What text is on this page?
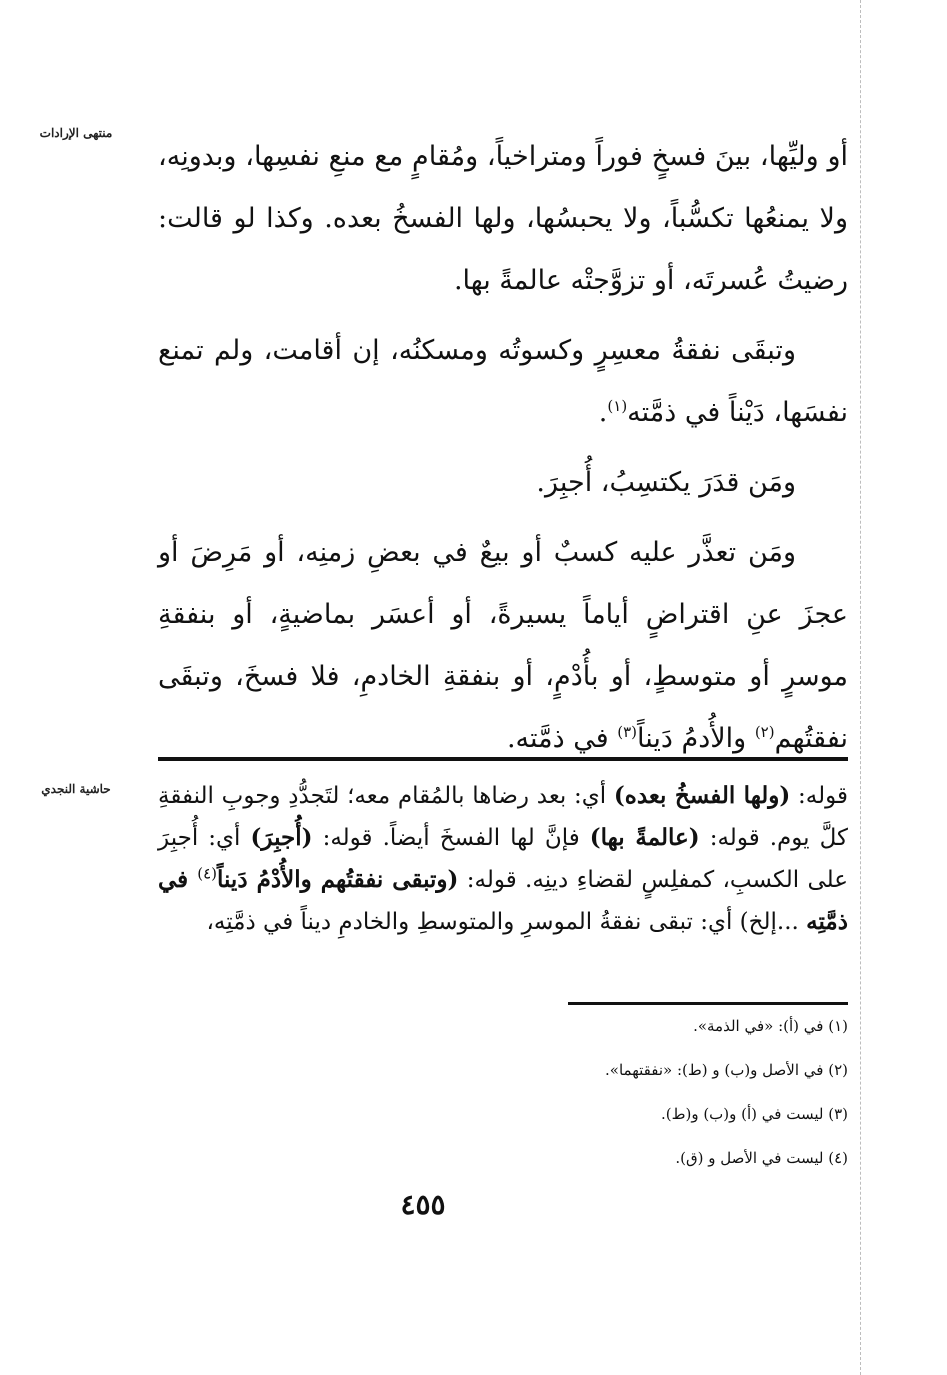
منتهى الإرادات
حاشية النجدي

أو وليِّها، بينَ فسخٍ فوراً ومتراخياً، ومُقامٍ مع منعِ نفسِها، وبدونِه، ولا يمنعُها تكسُّباً، ولا يحبسُها، ولها الفسخُ بعده. وكذا لو قالت: رضيتُ عُسرتَه، أو تزوَّجتْه عالمةً بها.

وتبقَى نفقةُ معسِرٍ وكسوتُه ومسكنُه، إن أقامت، ولم تمنع نفسَها، دَيْناً في ذمَّته$^{(١)}$.

ومَن قدَرَ يكتسِبُ، أُجبِرَ.

ومَن تعذَّر عليه كسبٌ أو بيعٌ في بعضِ زمنِه، أو مَرِضَ أو عجزَ عنِ اقتراضٍ أياماً يسيرةً، أو أعسَر بماضيةٍ، أو بنفقةِ موسرٍ أو متوسطٍ، أو بأُدْمٍ، أو بنفقةِ الخادمِ، فلا فسخَ، وتبقَى نفقتُهم$^{(٢)}$ والأُدمُ دَيناً$^{(٣)}$ في ذمَّته.

قوله: (ولها الفسخُ بعده) أي: بعد رضاها بالمُقام معه؛ لتَجدُّدِ وجوبِ النفقةِ كلَّ يوم. قوله: (عالمةً بها) فإنَّ لها الفسخَ أيضاً. قوله: (أُجبِرَ) أي: أُجبِرَ على الكسبِ، كمفلِسٍ لقضاءِ دينِه. قوله: (وتبقى نفقتُهم والأُدْمُ دَيناً$^{(٤)}$ في ذمَّتِه ...إلخ) أي: تبقى نفقةُ الموسرِ والمتوسطِ والخادمِ ديناً في ذمَّتِه،
(١) في (أ): «في الذمة».
(٢) في الأصل و(ب) و (ط): «نفقتهما».
(٣) ليست في (أ) و(ب) و(ط).
(٤) ليست في الأصل و (ق).
٤٥٥
